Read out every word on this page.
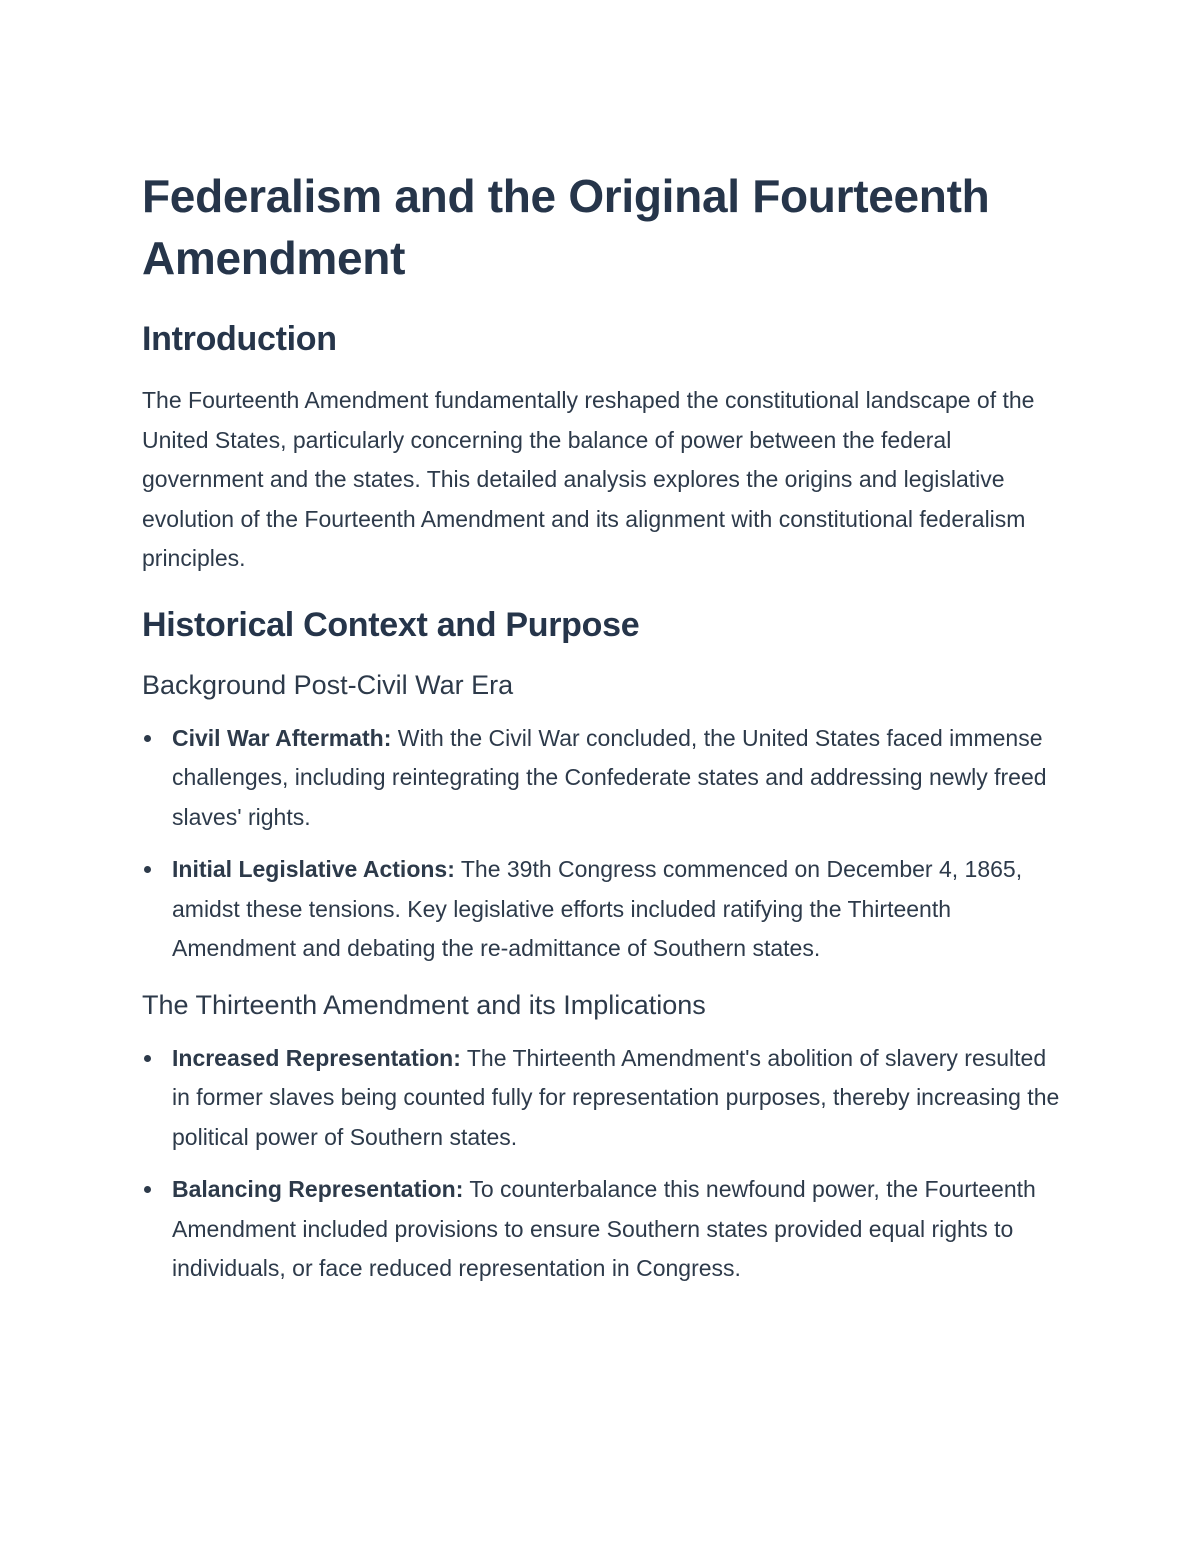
Federalism and the Original Fourteenth Amendment
Introduction

The Fourteenth Amendment fundamentally reshaped the constitutional landscape of the United States, particularly concerning the balance of power between the federal government and the states. This detailed analysis explores the origins and legislative evolution of the Fourteenth Amendment and its alignment with constitutional federalism principles.

Historical Context and Purpose
Background Post-Civil War Era
Civil War Aftermath: With the Civil War concluded, the United States faced immense challenges, including reintegrating the Confederate states and addressing newly freed slaves' rights.
Initial Legislative Actions: The 39th Congress commenced on December 4, 1865, amidst these tensions. Key legislative efforts included ratifying the Thirteenth Amendment and debating the re-admittance of Southern states.
The Thirteenth Amendment and its Implications
Increased Representation: The Thirteenth Amendment's abolition of slavery resulted in former slaves being counted fully for representation purposes, thereby increasing the political power of Southern states.
Balancing Representation: To counterbalance this newfound power, the Fourteenth Amendment included provisions to ensure Southern states provided equal rights to individuals, or face reduced representation in Congress.
